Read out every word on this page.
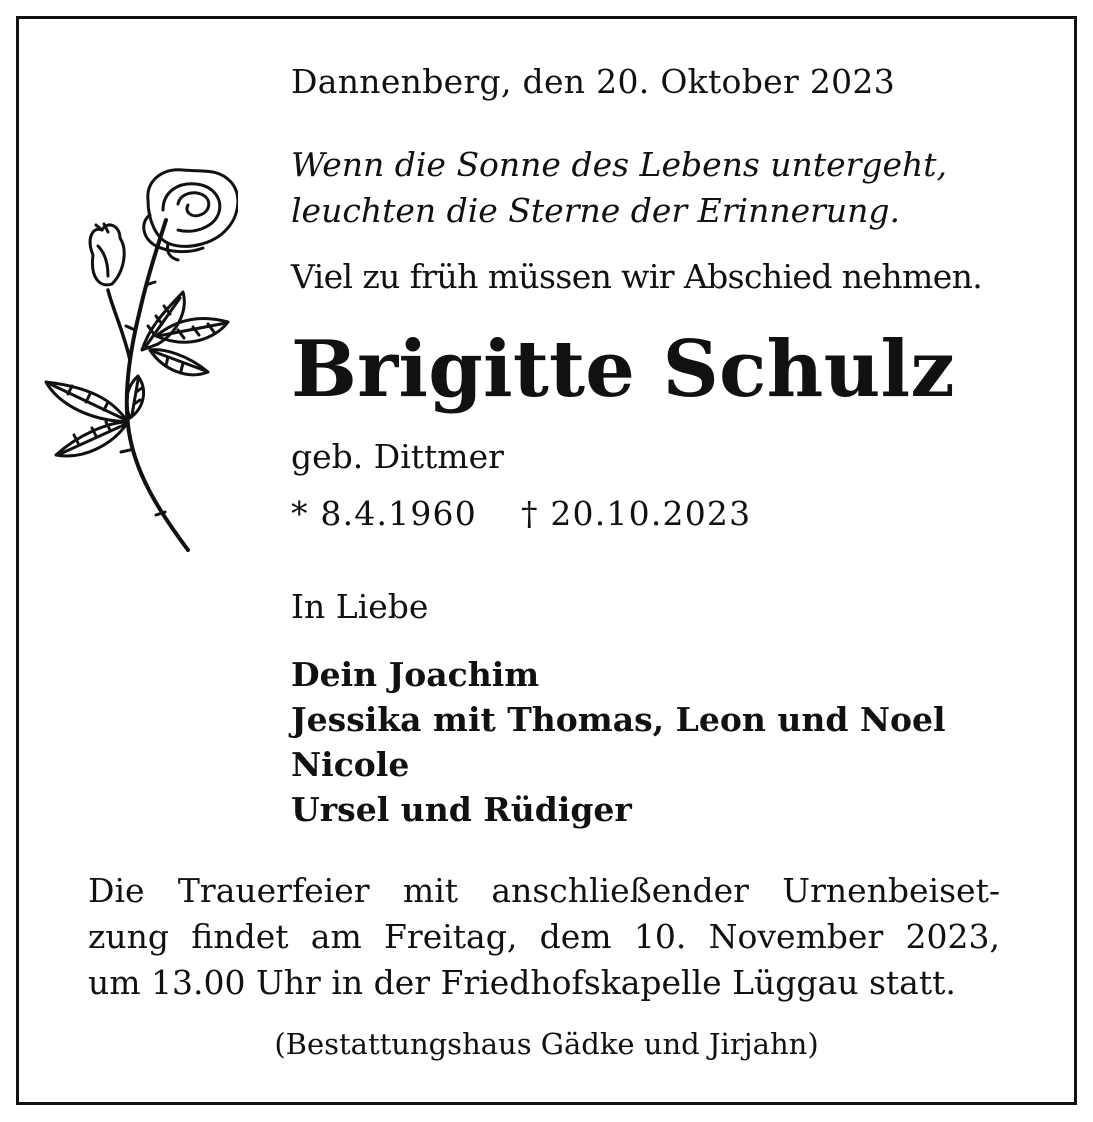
Dannenberg, den 20. Oktober 2023
Wenn die Sonne des Lebens untergeht,
leuchten die Sterne der Erinnerung.
Viel zu früh müssen wir Abschied nehmen.
Brigitte Schulz
geb. Dittmer
* 8.4.1960 † 20.10.2023
In Liebe
Dein Joachim
Jessika mit Thomas, Leon und Noel
Nicole
Ursel und Rüdiger
Die Trauerfeier mit anschließender Urnenbeiset-
zung findet am Freitag, dem 10. November 2023,
um 13.00 Uhr in der Friedhofskapelle Lüggau statt.
(Bestattungshaus Gädke und Jirjahn)
